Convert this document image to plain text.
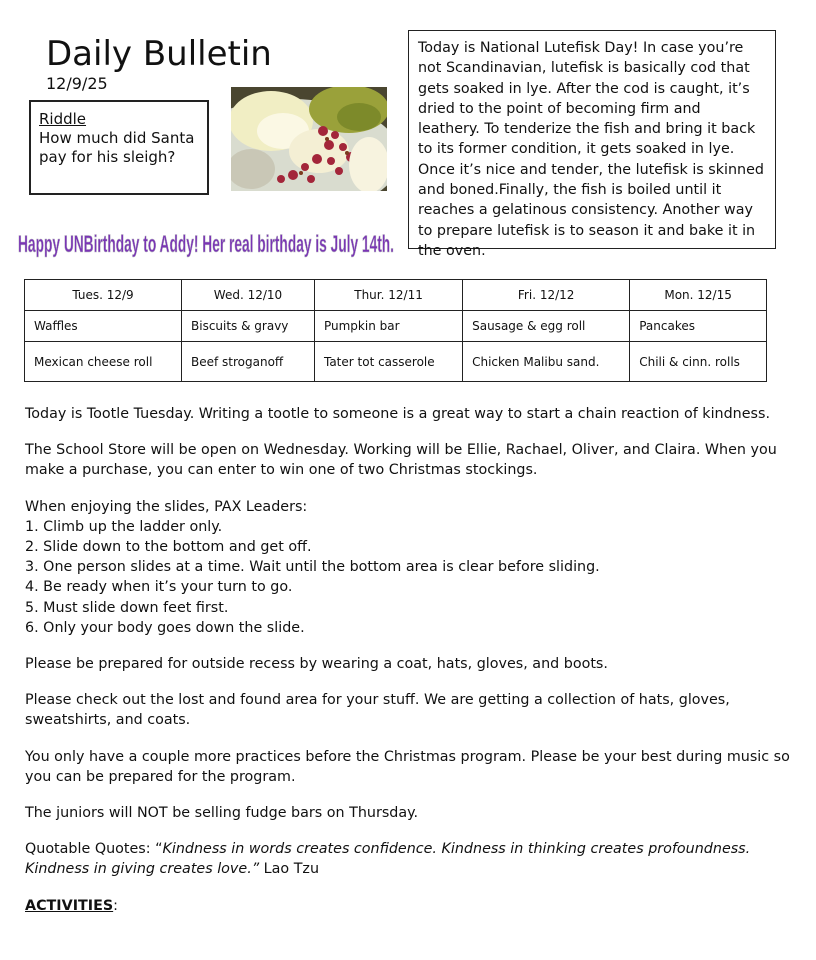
Daily Bulletin
12/9/25
Riddle
How much did Santa pay for his sleigh?
Today is National Lutefisk Day! In case you’re not Scandinavian, lutefisk is basically cod that gets soaked in lye. After the cod is caught, it’s dried to the point of becoming firm and leathery. To tenderize the fish and bring it back to its former condition, it gets soaked in lye. Once it’s nice and tender, the lutefisk is skinned and boned.Finally, the fish is boiled until it reaches a gelatinous consistency. Another way to prepare lutefisk is to season it and bake it in the oven.
Happy UNBirthday to Addy! Her real birthday is July 14th.
Tues. 12/9	Wed. 12/10	Thur. 12/11	Fri. 12/12	Mon. 12/15
Waffles	Biscuits & gravy	Pumpkin bar	Sausage & egg roll	Pancakes
Mexican cheese roll	Beef stroganoff	Tater tot casserole	Chicken Malibu sand.	Chili & cinn. rolls

Today is Tootle Tuesday. Writing a tootle to someone is a great way to start a chain reaction of kindness.

The School Store will be open on Wednesday. Working will be Ellie, Rachael, Oliver, and Claira. When you make a purchase, you can enter to win one of two Christmas stockings.

When enjoying the slides, PAX Leaders:
1. Climb up the ladder only.
2. Slide down to the bottom and get off.
3. One person slides at a time. Wait until the bottom area is clear before sliding.
4. Be ready when it’s your turn to go.
5. Must slide down feet first.
6. Only your body goes down the slide.

Please be prepared for outside recess by wearing a coat, hats, gloves, and boots.

Please check out the lost and found area for your stuff. We are getting a collection of hats, gloves, sweatshirts, and coats.

You only have a couple more practices before the Christmas program. Please be your best during music so you can be prepared for the program.

The juniors will NOT be selling fudge bars on Thursday.

Quotable Quotes: “Kindness in words creates confidence. Kindness in thinking creates profoundness. Kindness in giving creates love.” Lao Tzu

ACTIVITIES:
